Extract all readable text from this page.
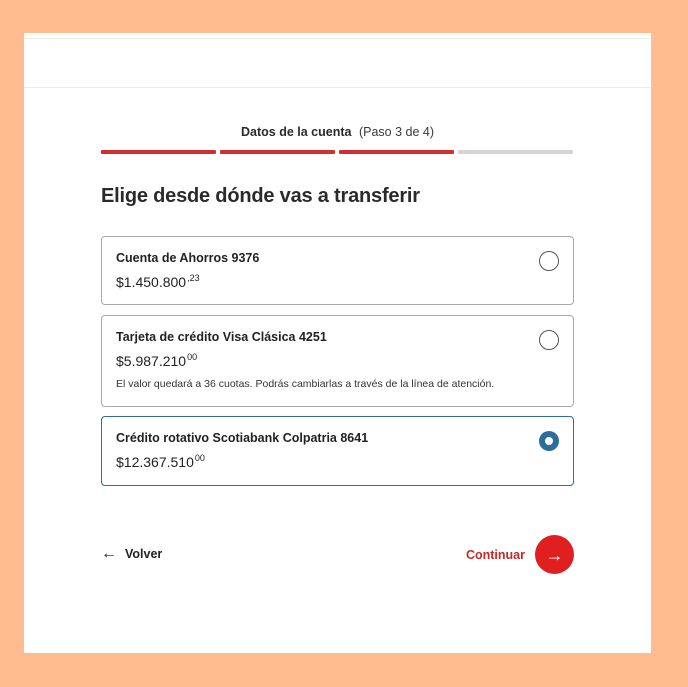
Datos de la cuenta (Paso 3 de 4)
Elige desde dónde vas a transferir
Cuenta de Ahorros 9376
$\$1.450.800^{,23}$
Tarjeta de crédito Visa Clásica 4251
$5.987.210$^{00}$
El valor quedará a 36 cuotas. Podrás cambiarlas a través de la línea de atención.
Crédito rotativo Scotiabank Colpatria 8641
$12.367.510$^{00}$
← Volver	Continuar	→
